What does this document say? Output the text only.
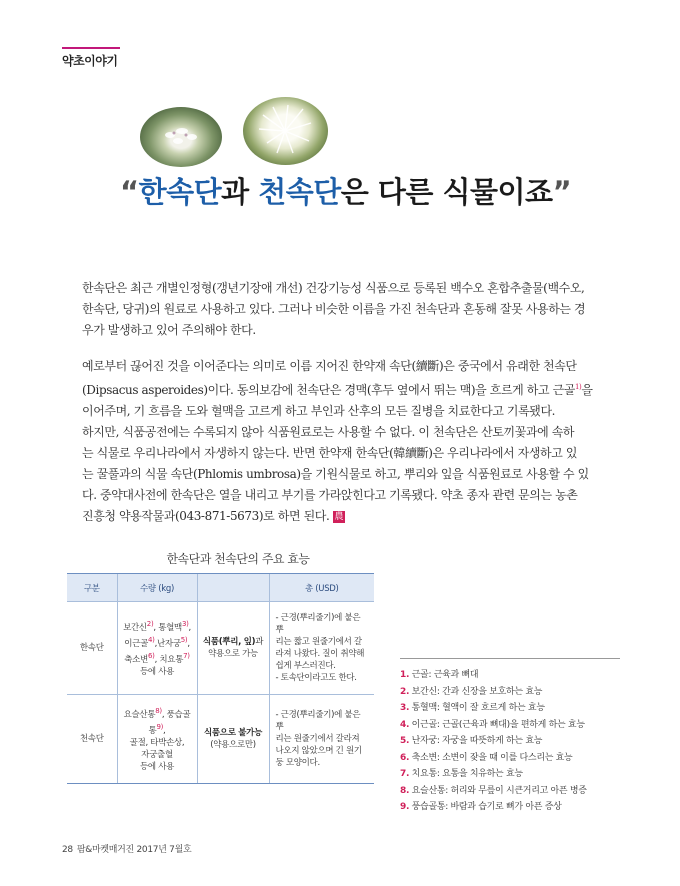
약초이야기
“한속단과 천속단은 다른 식물이죠”

한속단은 최근 개별인정형(갱년기장애 개선) 건강기능성 식품으로 등록된 백수오 혼합추출물(백수오,
한속단, 당귀)의 원료로 사용하고 있다. 그러나 비슷한 이름을 가진 천속단과 혼동해 잘못 사용하는 경
우가 발생하고 있어 주의해야 한다.

예로부터 끊어진 것을 이어준다는 의미로 이름 지어진 한약재 속단(續斷)은 중국에서 유래한 천속단
(Dipsacus asperoides)이다. 동의보감에 천속단은 경맥(후두 옆에서 뛰는 맥)을 흐르게 하고 근골$^{1)}$을
이어주며, 기 흐름을 도와 혈맥을 고르게 하고 부인과 산후의 모든 질병을 치료한다고 기록됐다.
하지만, 식품공전에는 수록되지 않아 식품원료로는 사용할 수 없다. 이 천속단은 산토끼꽃과에 속하
는 식물로 우리나라에서 자생하지 않는다. 반면 한약재 한속단(韓續斷)은 우리나라에서 자생하고 있
는 꿀풀과의 식물 속단(Phlomis umbrosa)을 기원식물로 하고, 뿌리와 잎을 식품원료로 사용할 수 있
다. 중약대사전에 한속단은 열을 내리고 부기를 가라앉힌다고 기록됐다. 약초 종자 관련 문의는 농촌
진흥청 약용작물과(043-871-5673)로 하면 된다. 農

한속단과 천속단의 주요 효능
구분	수량 (kg)		총 (USD)
한속단	보간신$^{2)}$, 통혈맥$^{3)}$,
이근골$^{4)}$,난자궁$^{5)}$,
축소변$^{6)}$, 치요통$^{7)}$
등에 사용	식품(뿌리, 잎)과
약용으로 가능	- 근경(뿌리줄기)에 붙은 뿌
리는 짧고 원줄기에서 갈
라져 나왔다. 질이 취약해
쉽게 부스러진다.
- 토속단이라고도 한다.

천속단	요슬산통$^{8)}$, 풍습골통$^{9)}$,
골절, 타박손상,
자궁출혈
등에 사용	식품으로 불가능
(약용으로만)	- 근경(뿌리줄기)에 붙은 뿌
리는 원줄기에서 갈라져
나오지 않았으며 긴 원기
둥 모양이다.
1. 근골: 근육과 뼈대
2. 보간신: 간과 신장을 보호하는 효능
3. 통혈맥: 혈액이 잘 흐르게 하는 효능
4. 이근골: 근골(근육과 뼈대)을 편하게 하는 효능
5. 난자궁: 자궁을 따뜻하게 하는 효능
6. 축소변: 소변이 잦을 때 이를 다스리는 효능
7. 치요통: 요통을 치유하는 효능
8. 요슬산통: 허리와 무릎이 시큰거리고 아픈 병증
9. 풍습골통: 바람과 습기로 뼈가 아픈 증상
28 팜&마켓매거진 2017년 7월호
